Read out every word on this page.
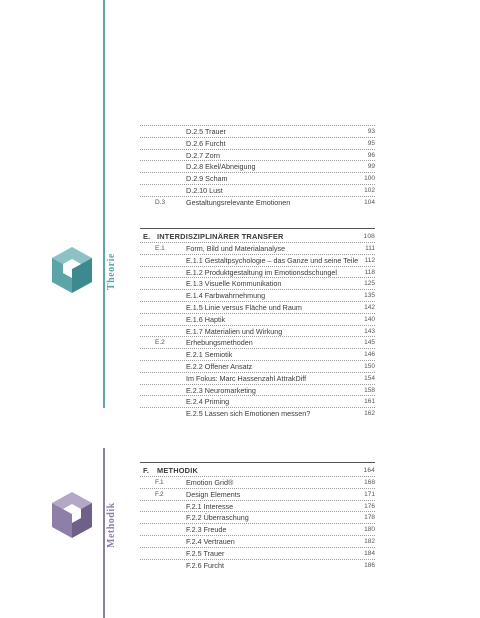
Theorie
Methodik
D.2.5 Trauer	93
D.2.6 Furcht	95
D.2.7 Zorn	96
D.2.8 Ekel/Abneigung	99
D.2.9 Scham	100
D.2.10 Lust	102
D.3	Gestaltungsrelevante Emotionen	104
E. INTERDISZIPLINÄRER TRANSFER	108
E.1	Form, Bild und Materialanalyse	111
E.1.1 Gestaltpsychologie – das Ganze und seine Teile 112
E.1.2 Produktgestaltung im Emotionsdschungel	118
E.1.3 Visuelle Kommunikation	125
E.1.4 Farbwahrnehmung	135
E.1.5 Linie versus Fläche und Raum	142
E.1.6 Haptik	140
E.1.7 Materialien und Wirkung	143
E.2	Erhebungsmethoden	145
E.2.1 Semiotik	146
E.2.2 Offener Ansatz	150
Im Fokus: Marc Hassenzahl AttrakDiff	154
E.2.3 Neuromarketing	158
E.2.4 Priming	161
E.2.5 Lassen sich Emotionen messen?	162
F. METHODIK	164
F.1	Emotion Grid®	168
F.2	Design Elements	171
F.2.1 Interesse	176
F.2.2 Überraschung	178
F.2.3 Freude	180
F.2.4 Vertrauen	182
F.2.5 Trauer	184
F.2.6 Furcht	186
